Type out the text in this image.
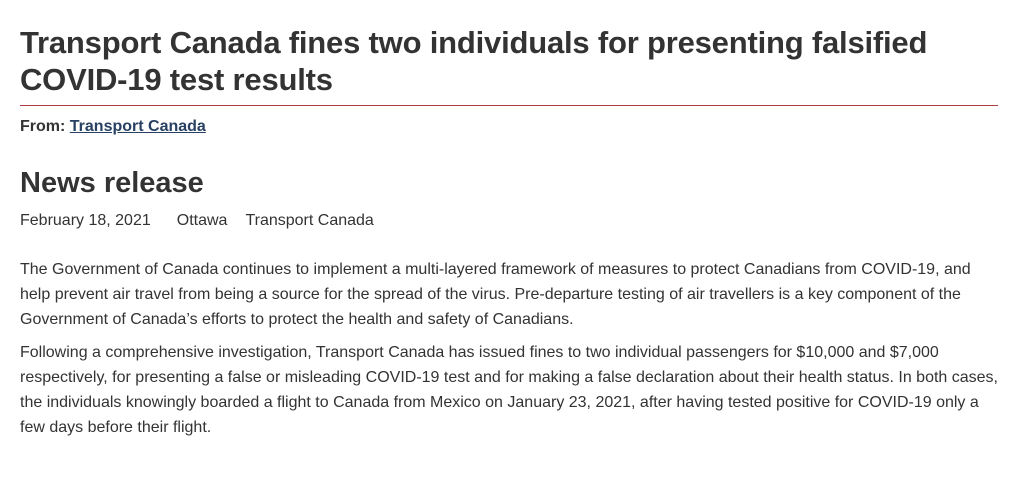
Transport Canada fines two individuals for presenting falsified COVID-19 test results
From: Transport Canada
News release
February 18, 2021 Ottawa Transport Canada

The Government of Canada continues to implement a multi-layered framework of measures to protect Canadians from COVID-19, and help prevent air travel from being a source for the spread of the virus. Pre-departure testing of air travellers is a key component of the Government of Canada’s efforts to protect the health and safety of Canadians.

Following a comprehensive investigation, Transport Canada has issued fines to two individual passengers for $10,000 and $7,000 respectively, for presenting a false or misleading COVID-19 test and for making a false declaration about their health status. In both cases, the individuals knowingly boarded a flight to Canada from Mexico on January 23, 2021, after having tested positive for COVID-19 only a few days before their flight.
